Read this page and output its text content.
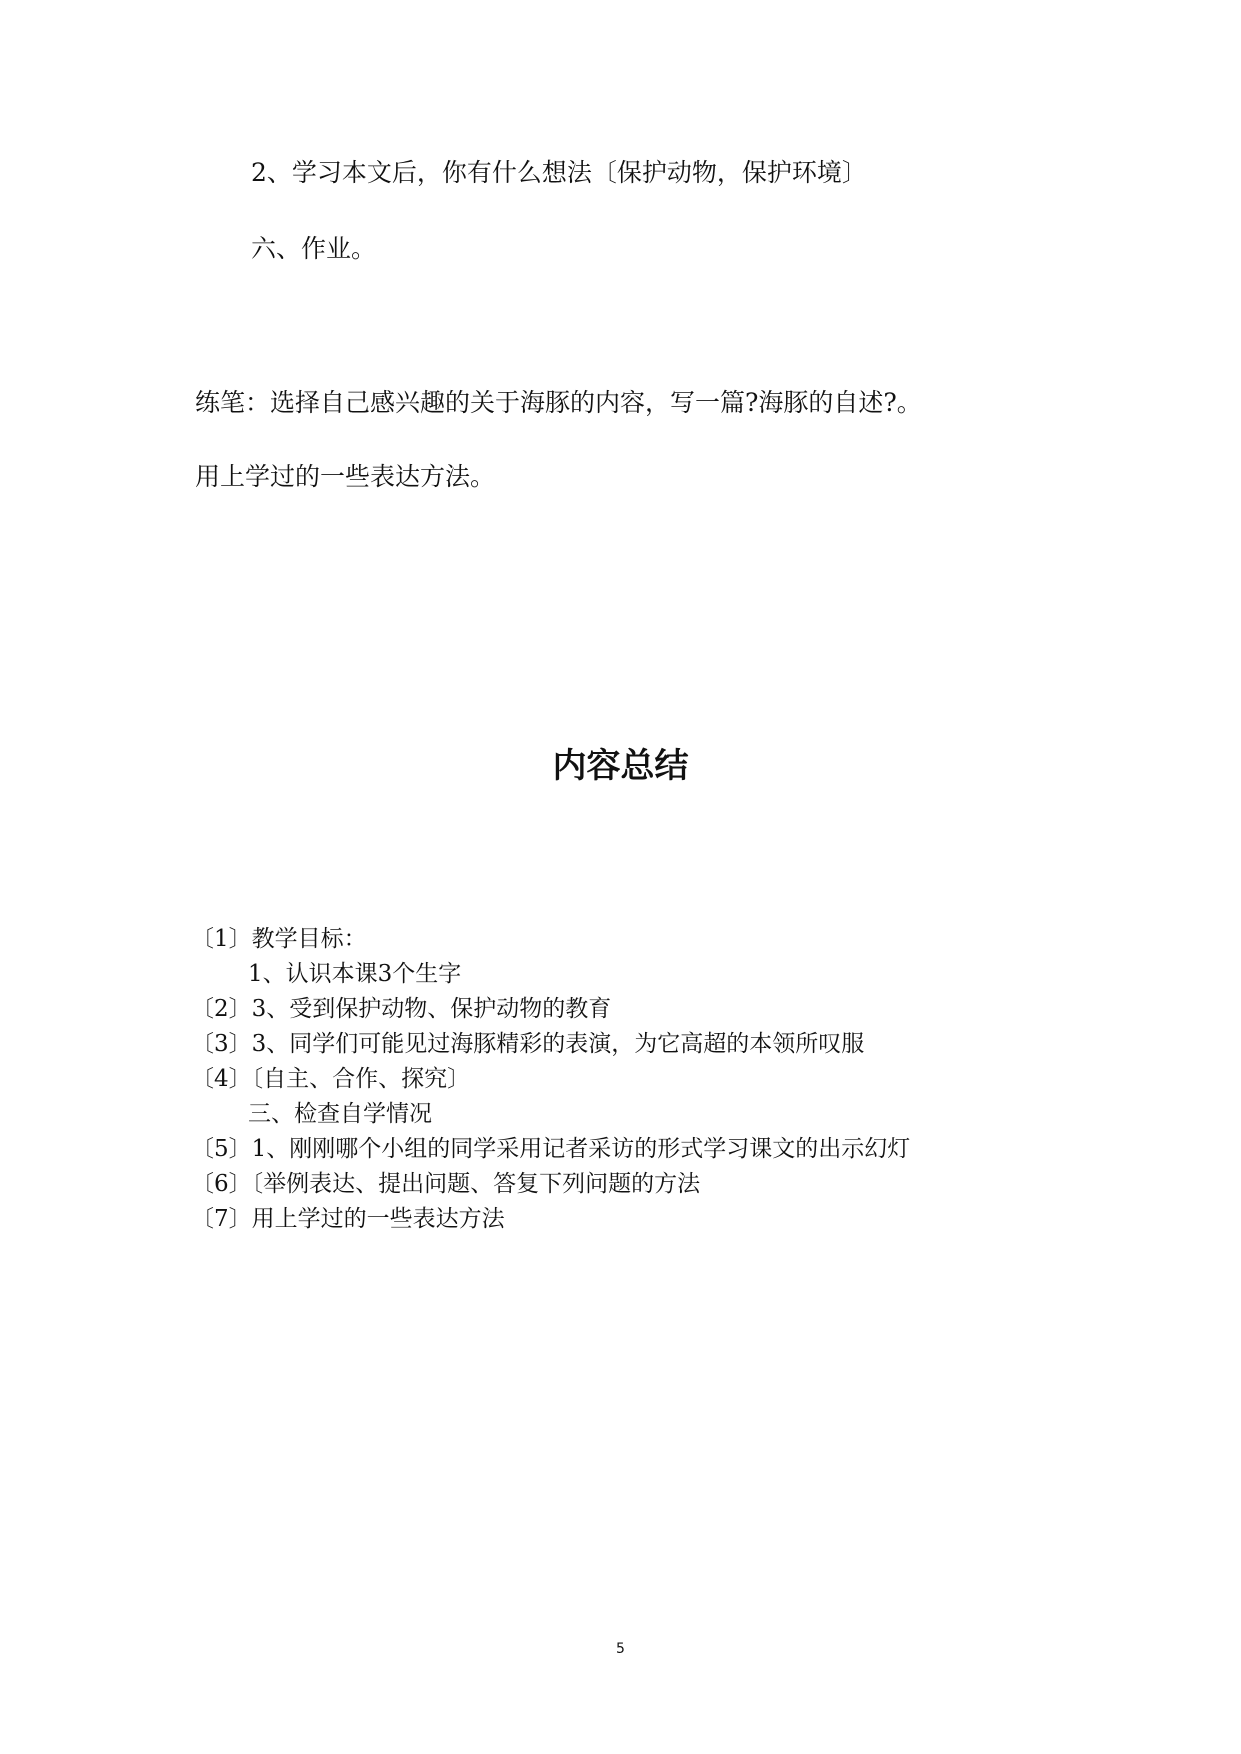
2、学习本文后，你有什么想法〔保护动物，保护环境〕
六、作业。
练笔：选择自己感兴趣的关于海豚的内容，写一篇?海豚的自述?。
用上学过的一些表达方法。
内容总结
〔1〕教学目标：
1、认识本课3个生字
〔2〕3、受到保护动物、保护动物的教育
〔3〕3、同学们可能见过海豚精彩的表演，为它高超的本领所叹服
〔4〕〔自主、合作、探究〕
三、检查自学情况
〔5〕1、刚刚哪个小组的同学采用记者采访的形式学习课文的出示幻灯
〔6〕〔举例表达、提出问题、答复下列问题的方法
〔7〕用上学过的一些表达方法
5
